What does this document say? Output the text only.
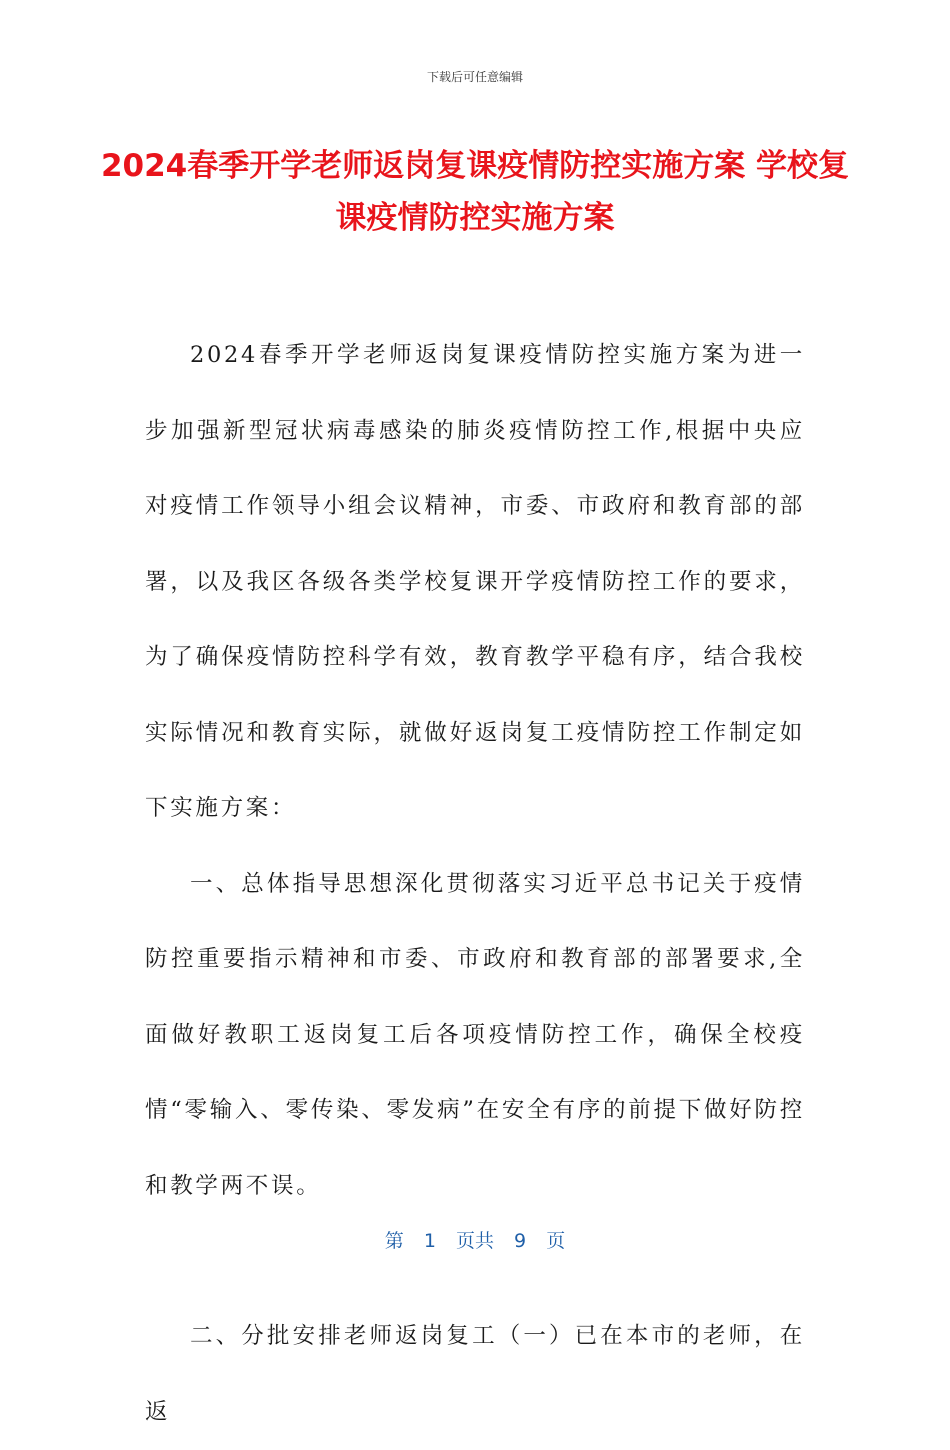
下载后可任意编辑
2024春季开学老师返岗复课疫情防控实施方案 学校复课疫情防控实施方案

2024春季开学老师返岗复课疫情防控实施方案为进一步加强新型冠状病毒感染的肺炎疫情防控工作,根据中央应对疫情工作领导小组会议精神，市委、市政府和教育部的部署，以及我区各级各类学校复课开学疫情防控工作的要求，为了确保疫情防控科学有效，教育教学平稳有序，结合我校实际情况和教育实际，就做好返岗复工疫情防控工作制定如下实施方案：

一、总体指导思想深化贯彻落实习近平总书记关于疫情防控重要指示精神和市委、市政府和教育部的部署要求,全面做好教职工返岗复工后各项疫情防控工作，确保全校疫情“零输入、零传染、零发病”在安全有序的前提下做好防控和教学两不误。

二、分批安排老师返岗复工（一）已在本市的老师，在返

第 1 页共 9 页
